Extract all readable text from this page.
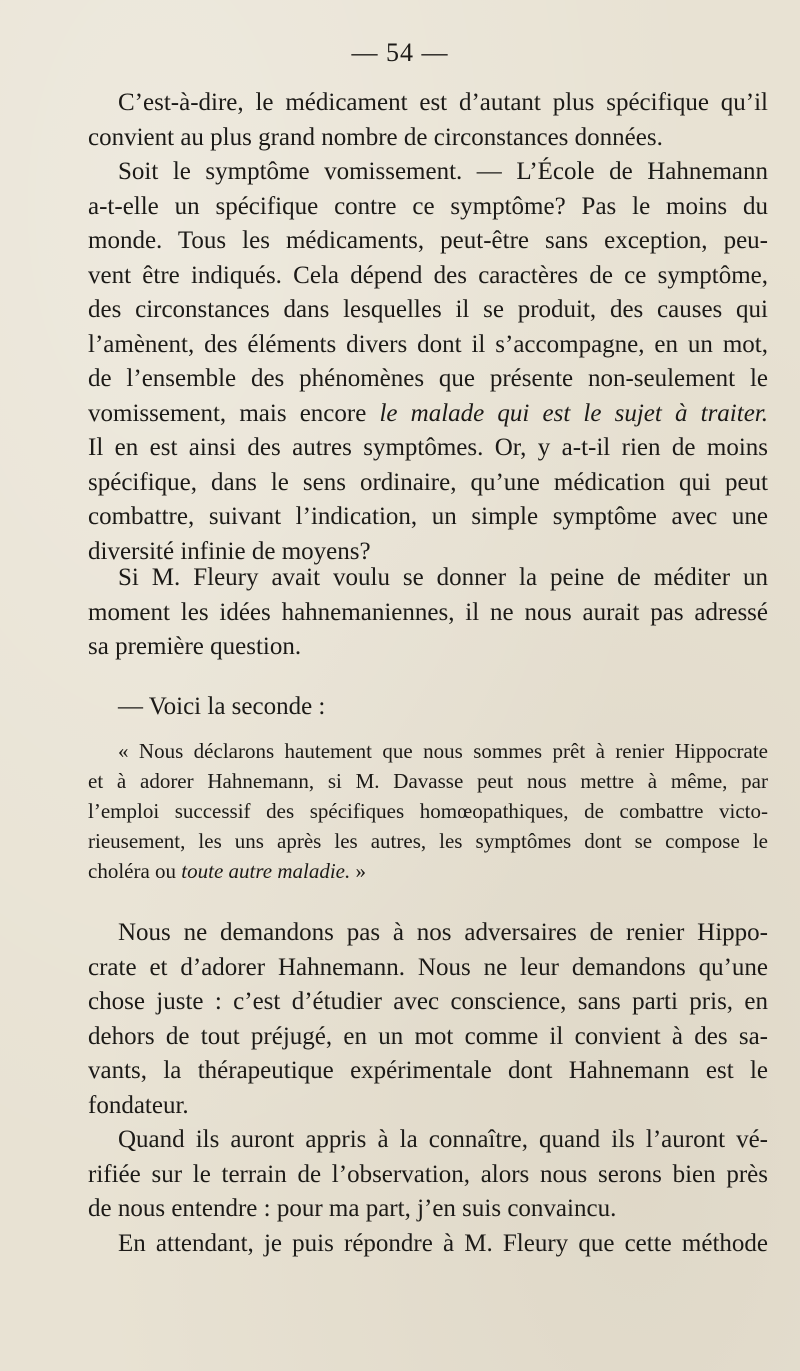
— 54 —
C’est-à-dire, le médicament est d’autant plus spécifique qu’il
convient au plus grand nombre de circonstances données.
Soit le symptôme vomissement. — L’École de Hahnemann
a-t-elle un spécifique contre ce symptôme? Pas le moins du
monde. Tous les médicaments, peut-être sans exception, peu-
vent être indiqués. Cela dépend des caractères de ce symptôme,
des circonstances dans lesquelles il se produit, des causes qui
l’amènent, des éléments divers dont il s’accompagne, en un mot,
de l’ensemble des phénomènes que présente non-seulement le
vomissement, mais encore le malade qui est le sujet à traiter.
Il en est ainsi des autres symptômes. Or, y a-t-il rien de moins
spécifique, dans le sens ordinaire, qu’une médication qui peut
combattre, suivant l’indication, un simple symptôme avec une
diversité infinie de moyens?
Si M. Fleury avait voulu se donner la peine de méditer un
moment les idées hahnemaniennes, il ne nous aurait pas adressé
sa première question.
— Voici la seconde :
« Nous déclarons hautement que nous sommes prêt à renier Hippocrate
et à adorer Hahnemann, si M. Davasse peut nous mettre à même, par
l’emploi successif des spécifiques homœopathiques, de combattre victo-
rieusement, les uns après les autres, les symptômes dont se compose le
choléra ou toute autre maladie. »
Nous ne demandons pas à nos adversaires de renier Hippo-
crate et d’adorer Hahnemann. Nous ne leur demandons qu’une
chose juste : c’est d’étudier avec conscience, sans parti pris, en
dehors de tout préjugé, en un mot comme il convient à des sa-
vants, la thérapeutique expérimentale dont Hahnemann est le
fondateur.
Quand ils auront appris à la connaître, quand ils l’auront vé-
rifiée sur le terrain de l’observation, alors nous serons bien près
de nous entendre : pour ma part, j’en suis convaincu.
En attendant, je puis répondre à M. Fleury que cette méthode
